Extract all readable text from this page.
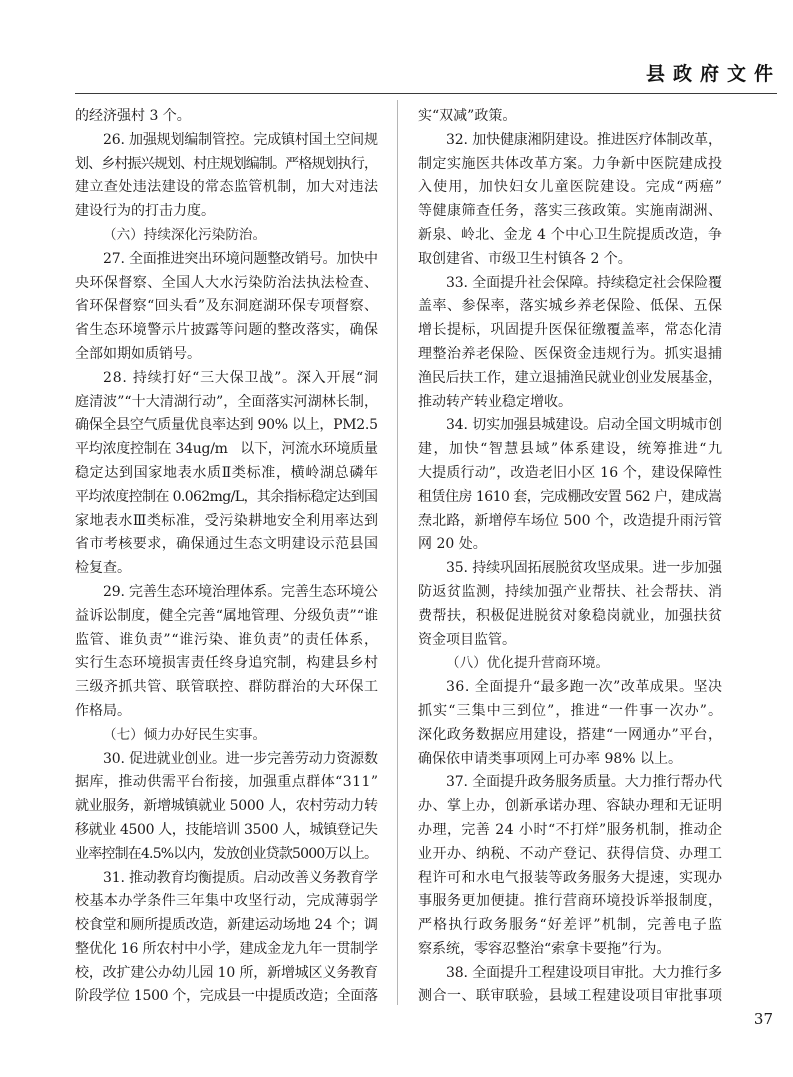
县政府文件
的经济强村 3 个。
26. 加强规划编制管控。完成镇村国土空间规
划、乡村振兴规划、村庄规划编制。严格规划执行，
建立查处违法建设的常态监管机制，加大对违法
建设行为的打击力度。
（六）持续深化污染防治。
27. 全面推进突出环境问题整改销号。加快中
央环保督察、全国人大水污染防治法执法检查、
省环保督察“回头看”及东洞庭湖环保专项督察、
省生态环境警示片披露等问题的整改落实，确保
全部如期如质销号。
28. 持续打好“三大保卫战”。深入开展“洞
庭清波”“十大清湖行动”，全面落实河湖林长制，
确保全县空气质量优良率达到 90% 以上，PM2.5
平均浓度控制在 34ug/m   以下，河流水环境质量
稳定达到国家地表水质Ⅱ类标准，横岭湖总磷年
平均浓度控制在 0.062mg/L，其余指标稳定达到国
家地表水Ⅲ类标准，受污染耕地安全利用率达到
省市考核要求，确保通过生态文明建设示范县国
检复查。
29. 完善生态环境治理体系。完善生态环境公
益诉讼制度，健全完善“属地管理、分级负责”“谁
监管、谁负责”“谁污染、谁负责”的责任体系，
实行生态环境损害责任终身追究制，构建县乡村
三级齐抓共管、联管联控、群防群治的大环保工
作格局。
（七）倾力办好民生实事。
30. 促进就业创业。进一步完善劳动力资源数
据库，推动供需平台衔接，加强重点群体“311”
就业服务，新增城镇就业 5000 人，农村劳动力转
移就业 4500 人，技能培训 3500 人，城镇登记失
业率控制在4.5%以内，发放创业贷款5000万以上。
31. 推动教育均衡提质。启动改善义务教育学
校基本办学条件三年集中攻坚行动，完成薄弱学
校食堂和厕所提质改造，新建运动场地 24 个；调
整优化 16 所农村中小学，建成金龙九年一贯制学
校，改扩建公办幼儿园 10 所，新增城区义务教育
阶段学位 1500 个，完成县一中提质改造；全面落
实“双减”政策。
32. 加快健康湘阴建设。推进医疗体制改革，
制定实施医共体改革方案。力争新中医院建成投
入使用，加快妇女儿童医院建设。完成“两癌”
等健康筛查任务，落实三孩政策。实施南湖洲、
新泉、岭北、金龙 4 个中心卫生院提质改造，争
取创建省、市级卫生村镇各 2 个。
33. 全面提升社会保障。持续稳定社会保险覆
盖率、参保率，落实城乡养老保险、低保、五保
增长提标，巩固提升医保征缴覆盖率，常态化清
理整治养老保险、医保资金违规行为。抓实退捕
渔民后扶工作，建立退捕渔民就业创业发展基金，
推动转产转业稳定增收。
34. 切实加强县城建设。启动全国文明城市创
建，加快“智慧县域”体系建设，统筹推进“九
大提质行动”，改造老旧小区 16 个，建设保障性
租赁住房 1610 套，完成棚改安置 562 户，建成嵩
焘北路，新增停车场位 500 个，改造提升雨污管
网 20 处。
35. 持续巩固拓展脱贫攻坚成果。进一步加强
防返贫监测，持续加强产业帮扶、社会帮扶、消
费帮扶，积极促进脱贫对象稳岗就业，加强扶贫
资金项目监管。
（八）优化提升营商环境。
36. 全面提升“最多跑一次”改革成果。坚决
抓实“三集中三到位”，推进“一件事一次办”。
深化政务数据应用建设，搭建“一网通办”平台，
确保依申请类事项网上可办率 98% 以上。
37. 全面提升政务服务质量。大力推行帮办代
办、掌上办，创新承诺办理、容缺办理和无证明
办理，完善 24 小时“不打烊”服务机制，推动企
业开办、纳税、不动产登记、获得信贷、办理工
程许可和水电气报装等政务服务大提速，实现办
事服务更加便捷。推行营商环境投诉举报制度，
严格执行政务服务“好差评”机制，完善电子监
察系统，零容忍整治“索拿卡要拖”行为。
38. 全面提升工程建设项目审批。大力推行多
测合一、联审联验，县域工程建设项目审批事项
37
